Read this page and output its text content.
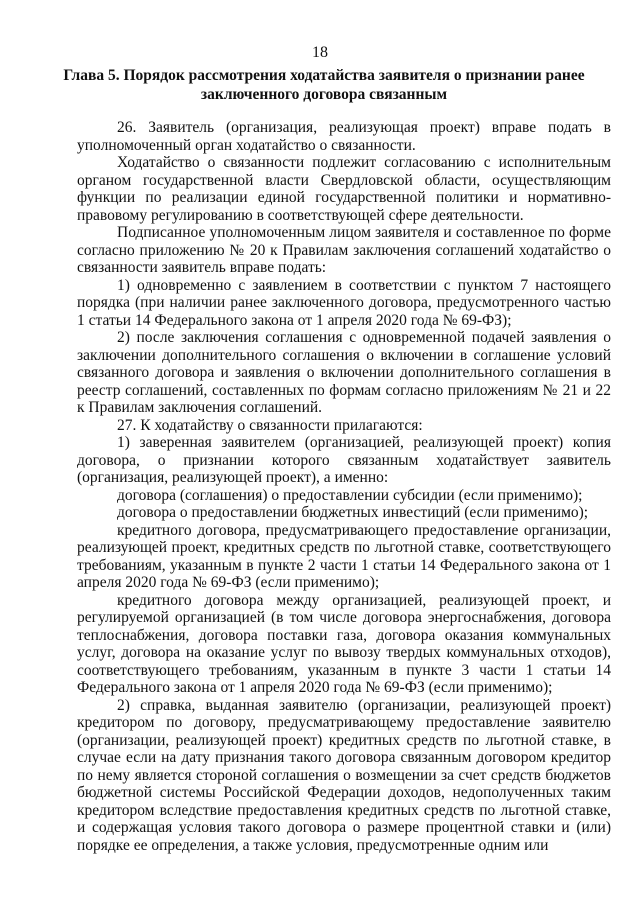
18
Глава 5. Порядок рассмотрения ходатайства заявителя о признании ранее заключенного договора связанным

26. Заявитель (организация, реализующая проект) вправе подать в уполномоченный орган ходатайство о связанности.

Ходатайство о связанности подлежит согласованию с исполнительным органом государственной власти Свердловской области, осуществляющим функции по реализации единой государственной политики и нормативно-правовому регулированию в соответствующей сфере деятельности.

Подписанное уполномоченным лицом заявителя и составленное по форме согласно приложению № 20 к Правилам заключения соглашений ходатайство о связанности заявитель вправе подать:

1) одновременно с заявлением в соответствии с пунктом 7 настоящего порядка (при наличии ранее заключенного договора, предусмотренного частью 1 статьи 14 Федерального закона от 1 апреля 2020 года № 69-ФЗ);

2) после заключения соглашения с одновременной подачей заявления о заключении дополнительного соглашения о включении в соглашение условий связанного договора и заявления о включении дополнительного соглашения в реестр соглашений, составленных по формам согласно приложениям № 21 и 22 к Правилам заключения соглашений.

27. К ходатайству о связанности прилагаются:

1) заверенная заявителем (организацией, реализующей проект) копия договора, о признании которого связанным ходатайствует заявитель (организация, реализующей проект), а именно:

договора (соглашения) о предоставлении субсидии (если применимо);

договора о предоставлении бюджетных инвестиций (если применимо);

кредитного договора, предусматривающего предоставление организации, реализующей проект, кредитных средств по льготной ставке, соответствующего требованиям, указанным в пункте 2 части 1 статьи 14 Федерального закона от 1 апреля 2020 года № 69-ФЗ (если применимо);

кредитного договора между организацией, реализующей проект, и регулируемой организацией (в том числе договора энергоснабжения, договора теплоснабжения, договора поставки газа, договора оказания коммунальных услуг, договора на оказание услуг по вывозу твердых коммунальных отходов), соответствующего требованиям, указанным в пункте 3 части 1 статьи 14 Федерального закона от 1 апреля 2020 года № 69-ФЗ (если применимо);

2) справка, выданная заявителю (организации, реализующей проект) кредитором по договору, предусматривающему предоставление заявителю (организации, реализующей проект) кредитных средств по льготной ставке, в случае если на дату признания такого договора связанным договором кредитор по нему является стороной соглашения о возмещении за счет средств бюджетов бюджетной системы Российской Федерации доходов, недополученных таким кредитором вследствие предоставления кредитных средств по льготной ставке, и содержащая условия такого договора о размере процентной ставки и (или) порядке ее определения, а также условия, предусмотренные одним или
